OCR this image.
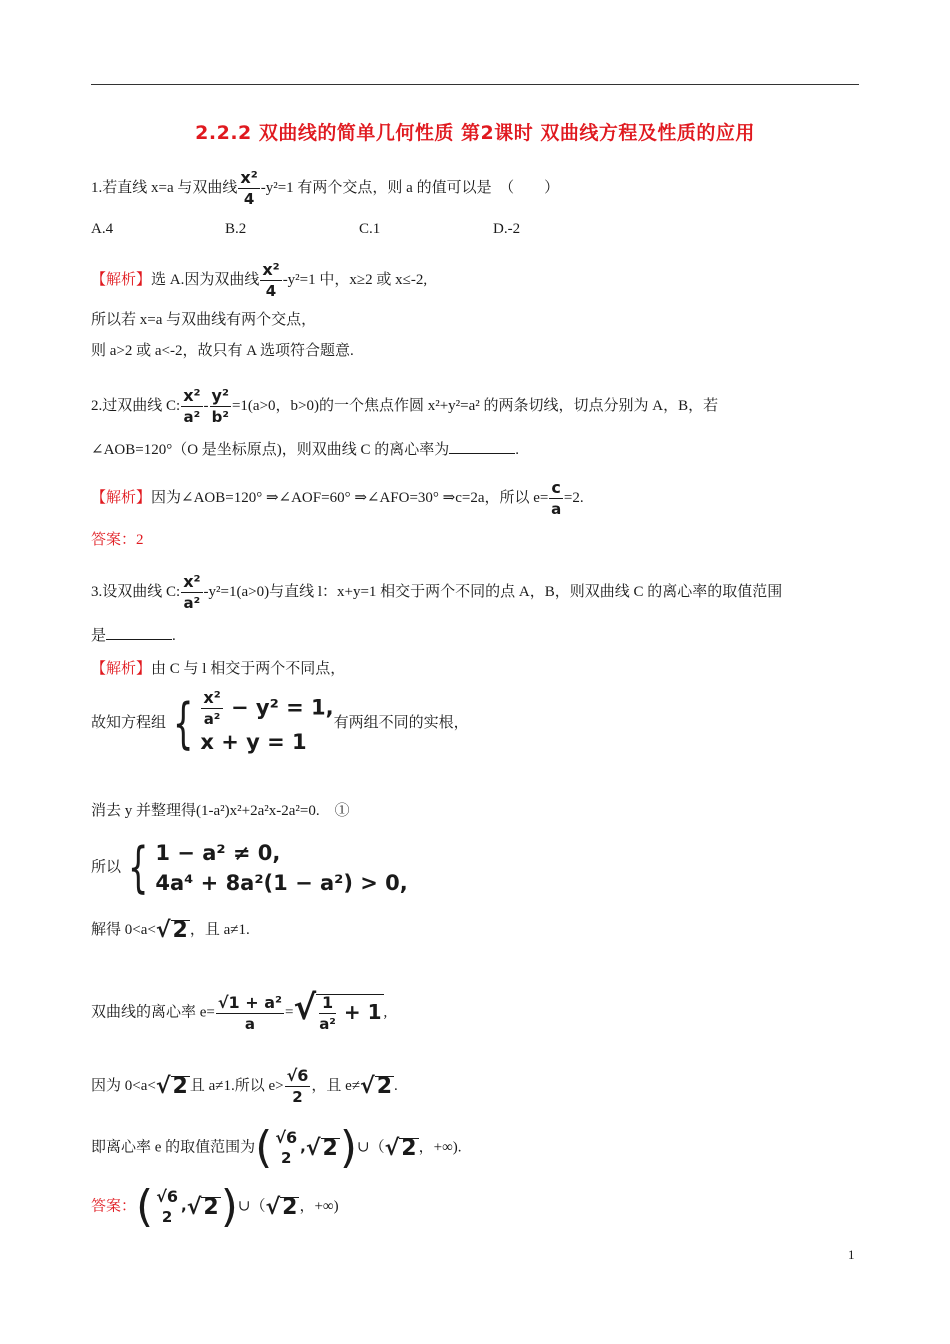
2.2.2 双曲线的简单几何性质 第2课时 双曲线方程及性质的应用
1.若直线 x=a 与双曲线 $\frac{\text{x²}}{4} -y^2=1$ 有两个交点，则 a 的值可以是　（　　）
A.4	B.2	C.1	D.-2
【解析】选 A.因为双曲线 $\frac{\text{x²}}{4} -y^2=1$ 中，x≥2 或 x≤-2,
所以若 x=a 与双曲线有两个交点，
则 a>2 或 a<-2，故只有 A 选项符合题意.
2.过双曲线 C: $\frac{\text{x²}}{\text{a²}} - \frac{\text{y²}}{\text{b²}} =1(a>0$，b>0)的一个焦点作圆 x²+y²=a² 的两条切线，切点分别为 A，B，若
∠AOB=120°（O 是坐标原点)，则双曲线 C 的离心率为	.
【解析】因为∠AOB=120° ⇒∠AOF=60° ⇒∠AFO=30° ⇒c=2a，所以 $e= \frac{c}{a} =2$.
答案：2
3.设双曲线 C: $\frac{\text{x²}}{\text{a²}} -y^2=1(a>0)$与直线 l：x+y=1 相交于两个不同的点 A，B，则双曲线 C 的离心率的取值范围
是	.
【解析】由 C 与 l 相交于两个不同点，
故知方程组 { $\frac{\text{x²}}{\text{a²}} - y^2 = 1$,
x + y = 1
有两组不同的实根，
消去 y 并整理得(1-a²)x²+2a²x-2a²=0.　①
所以 { 1 − a² ≠ 0,
4a⁴ + 8a²(1 − a²) > 0,
解得 0<a<√2 ，且 a≠1.
双曲线的离心率 $e= \frac{\text{√1 + a²}}{a}$ =√ $\frac{1}{\text{a²}} + 1$ ,
因为 0<a<√2 且 a≠1.所以 $e> \frac{√6}{2}$ ，且 e≠√2 .
即离心率 e 的取值范围为( √6
2
,√2)∪（√2 ，+∞).
答案：( √6
2
,√2)∪（√2 ，+∞)
1
